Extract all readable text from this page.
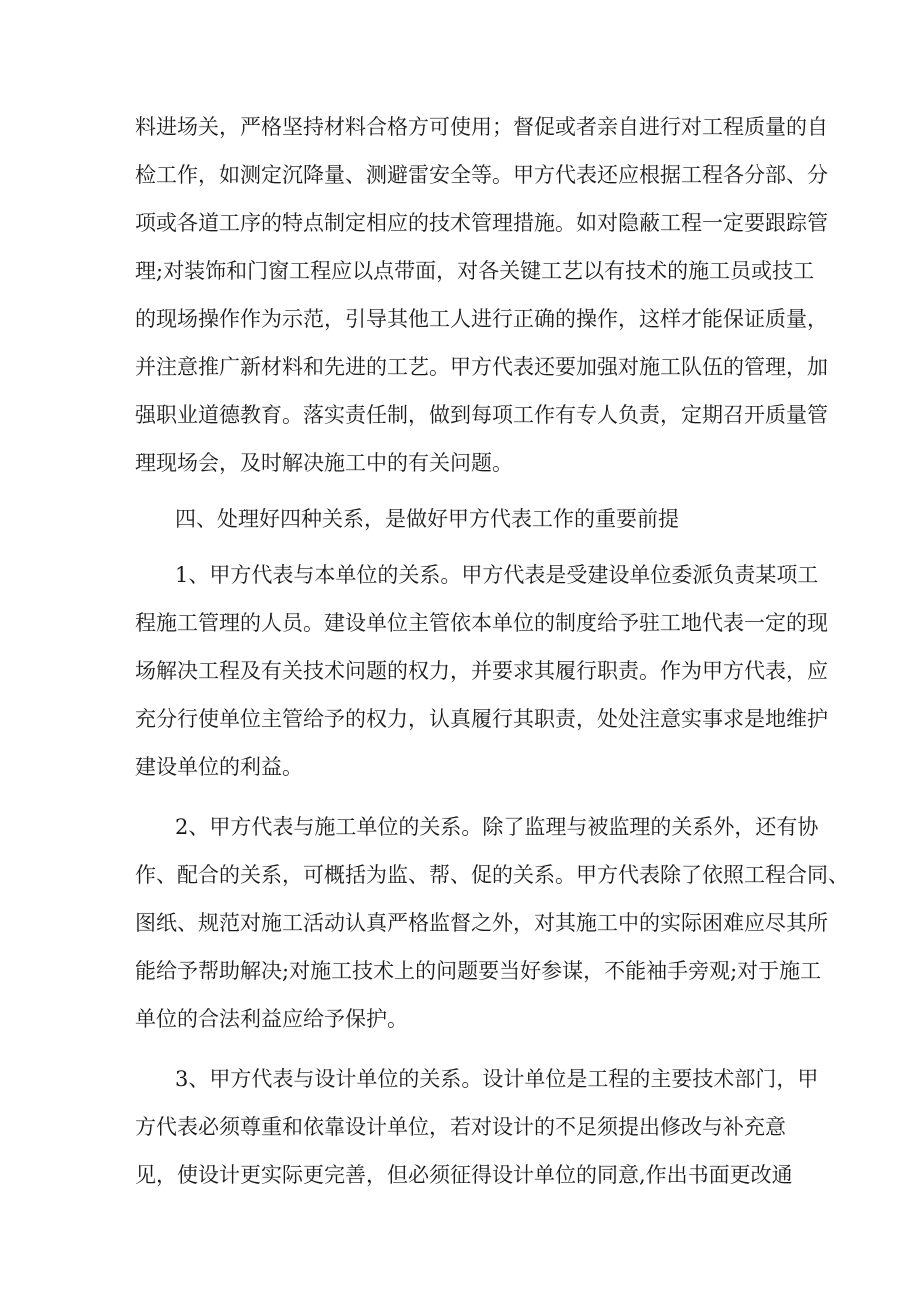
料进场关，严格坚持材料合格方可使用；督促或者亲自进行对工程质量的自
检工作，如测定沉降量、测避雷安全等。甲方代表还应根据工程各分部、分
项或各道工序的特点制定相应的技术管理措施。如对隐蔽工程一定要跟踪管
理;对装饰和门窗工程应以点带面，对各关键工艺以有技术的施工员或技工
的现场操作作为示范，引导其他工人进行正确的操作，这样才能保证质量，
并注意推广新材料和先进的工艺。甲方代表还要加强对施工队伍的管理，加
强职业道德教育。落实责任制，做到每项工作有专人负责，定期召开质量管
理现场会，及时解决施工中的有关问题。
四、处理好四种关系，是做好甲方代表工作的重要前提
1、甲方代表与本单位的关系。甲方代表是受建设单位委派负责某项工
程施工管理的人员。建设单位主管依本单位的制度给予驻工地代表一定的现
场解决工程及有关技术问题的权力，并要求其履行职责。作为甲方代表，应
充分行使单位主管给予的权力，认真履行其职责，处处注意实事求是地维护
建设单位的利益。
2、甲方代表与施工单位的关系。除了监理与被监理的关系外，还有协
作、配合的关系，可概括为监、帮、促的关系。甲方代表除了依照工程合同、
图纸、规范对施工活动认真严格监督之外，对其施工中的实际困难应尽其所
能给予帮助解决;对施工技术上的问题要当好参谋，不能袖手旁观;对于施工
单位的合法利益应给予保护。
3、甲方代表与设计单位的关系。设计单位是工程的主要技术部门，甲
方代表必须尊重和依靠设计单位，若对设计的不足须提出修改与补充意
见，使设计更实际更完善，但必须征得设计单位的同意,作出书面更改通
